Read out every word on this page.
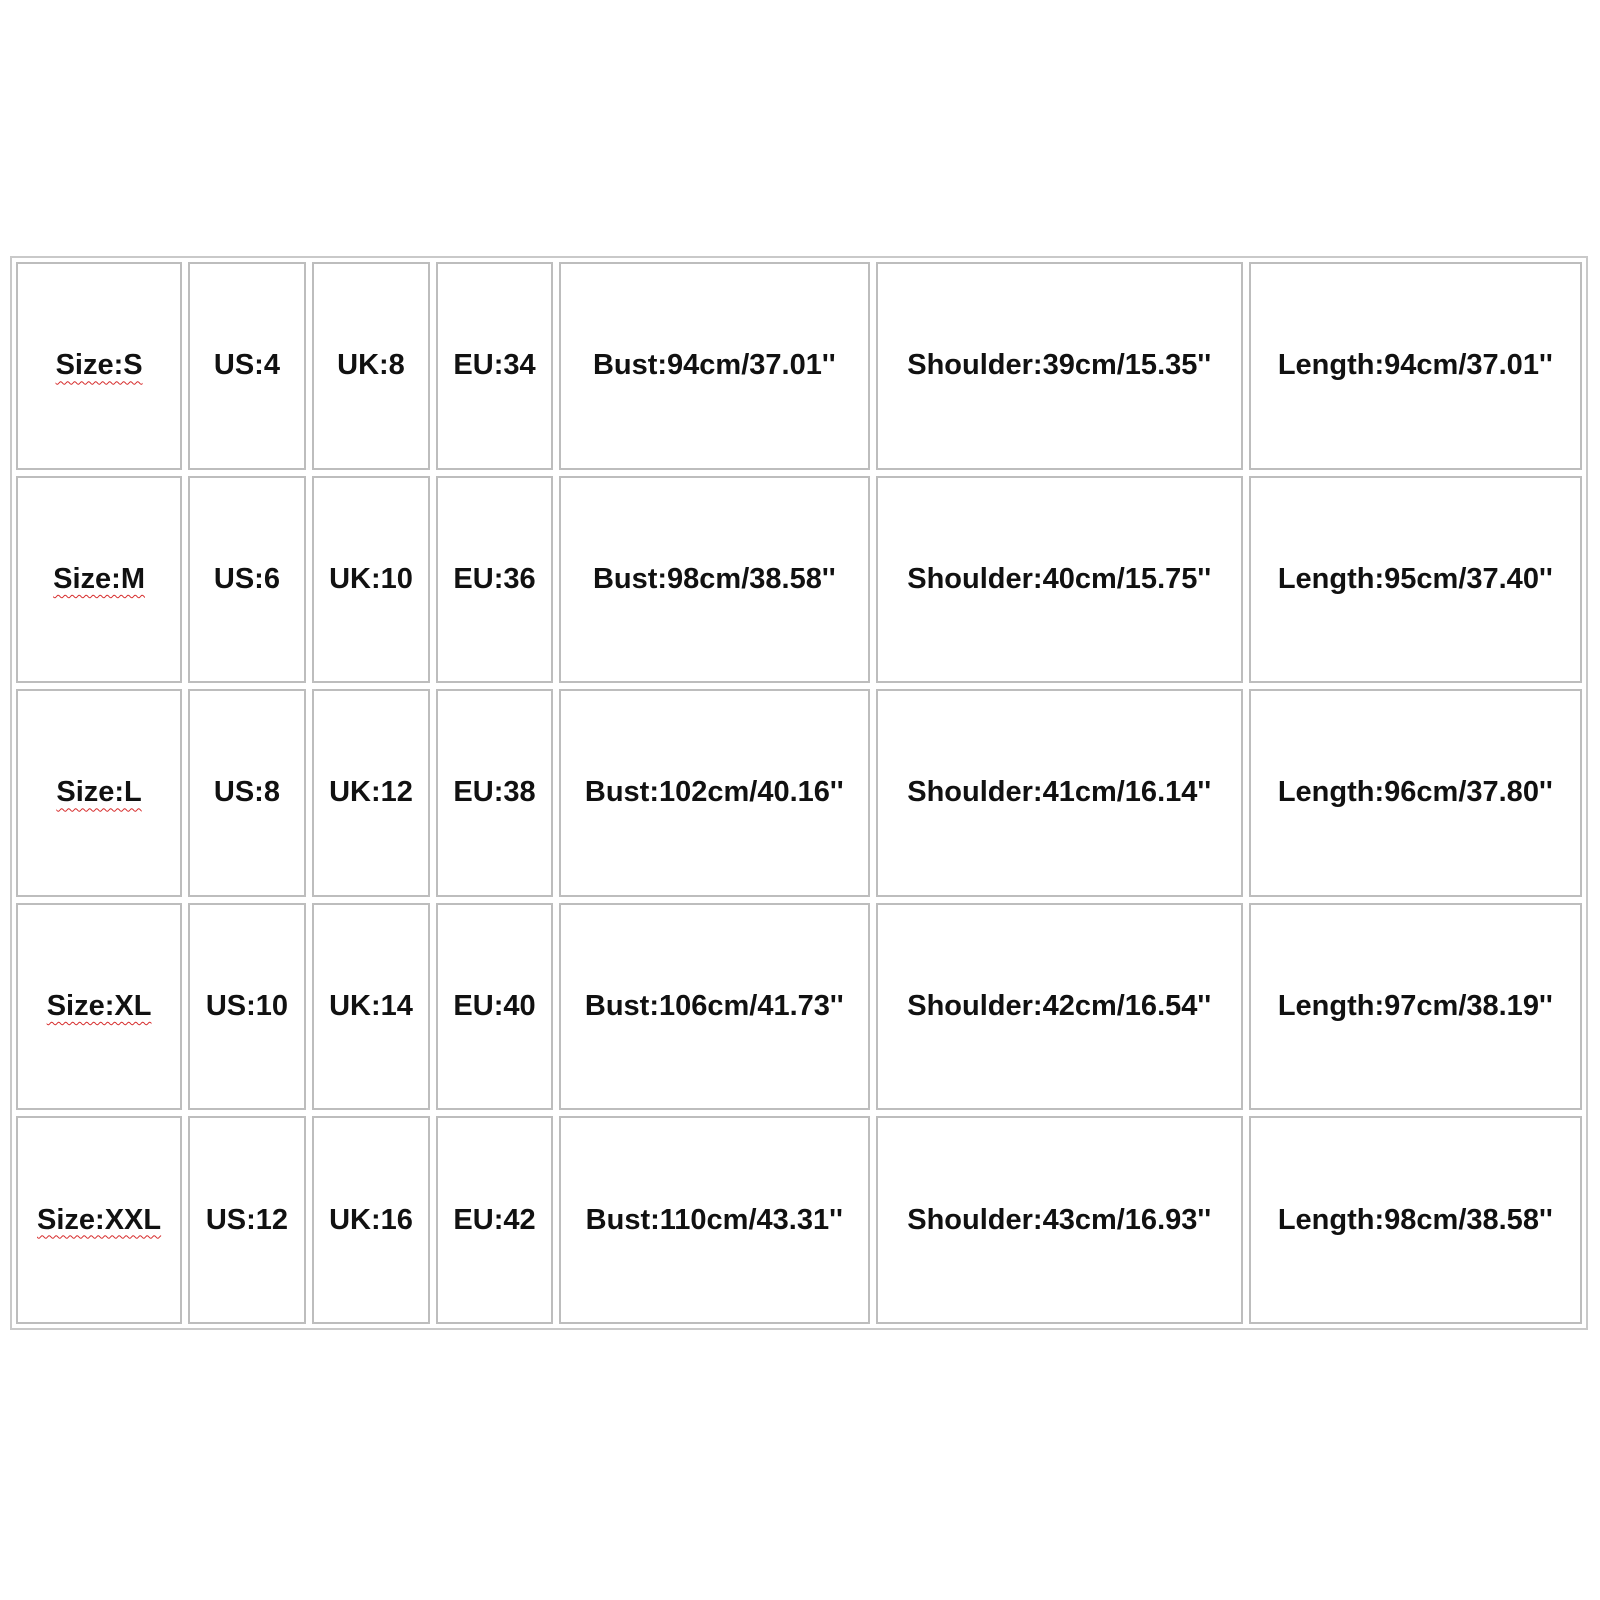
Size:S	US:4	UK:8	EU:34	Bust:94cm/37.01''	Shoulder:39cm/15.35''	Length:94cm/37.01''
Size:M	US:6	UK:10	EU:36	Bust:98cm/38.58''	Shoulder:40cm/15.75''	Length:95cm/37.40''
Size:L	US:8	UK:12	EU:38	Bust:102cm/40.16''	Shoulder:41cm/16.14''	Length:96cm/37.80''
Size:XL	US:10	UK:14	EU:40	Bust:106cm/41.73''	Shoulder:42cm/16.54''	Length:97cm/38.19''
Size:XXL	US:12	UK:16	EU:42	Bust:110cm/43.31''	Shoulder:43cm/16.93''	Length:98cm/38.58''
